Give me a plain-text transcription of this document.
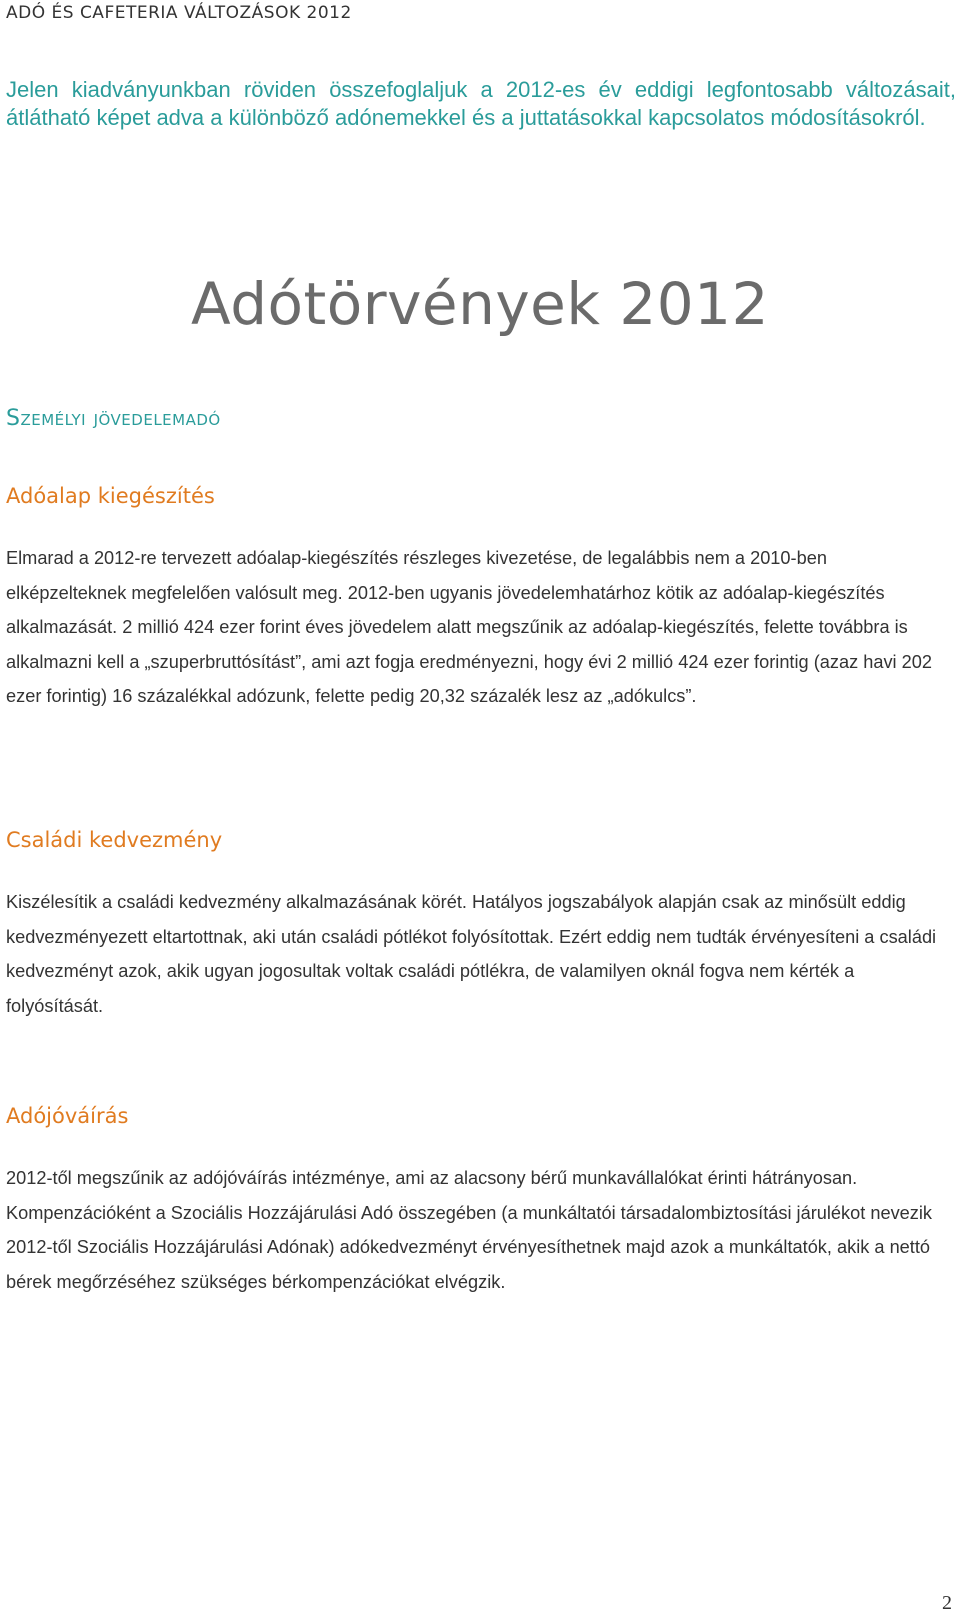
ADÓ ÉS CAFETERIA VÁLTOZÁSOK 2012
Jelen kiadványunkban röviden összefoglaljuk a 2012-es év eddigi legfontosabb változásait, átlátható képet adva a különböző adónemekkel és a juttatásokkal kapcsolatos módosításokról.
Adótörvények 2012
Személyi jövedelemadó
Adóalap kiegészítés
Elmarad a 2012-re tervezett adóalap-kiegészítés részleges kivezetése, de legalábbis nem a 2010-ben elképzelteknek megfelelően valósult meg. 2012-ben ugyanis jövedelemhatárhoz kötik az adóalap-kiegészítés alkalmazását. 2 millió 424 ezer forint éves jövedelem alatt megszűnik az adóalap-kiegészítés, felette továbbra is alkalmazni kell a „szuperbruttósítást”, ami azt fogja eredményezni, hogy évi 2 millió 424 ezer forintig (azaz havi 202 ezer forintig) 16 százalékkal adózunk, felette pedig 20,32 százalék lesz az „adókulcs”.
Családi kedvezmény
Kiszélesítik a családi kedvezmény alkalmazásának körét. Hatályos jogszabályok alapján csak az minősült eddig kedvezményezett eltartottnak, aki után családi pótlékot folyósítottak. Ezért eddig nem tudták érvényesíteni a családi kedvezményt azok, akik ugyan jogosultak voltak családi pótlékra, de valamilyen oknál fogva nem kérték a folyósítását.
Adójóváírás
2012-től megszűnik az adójóváírás intézménye, ami az alacsony bérű munkavállalókat érinti hátrányosan. Kompenzációként a Szociális Hozzájárulási Adó összegében (a munkáltatói társadalombiztosítási járulékot nevezik 2012-től Szociális Hozzájárulási Adónak) adókedvezményt érvényesíthetnek majd azok a munkáltatók, akik a nettó bérek megőrzéséhez szükséges bérkompenzációkat elvégzik.
2
